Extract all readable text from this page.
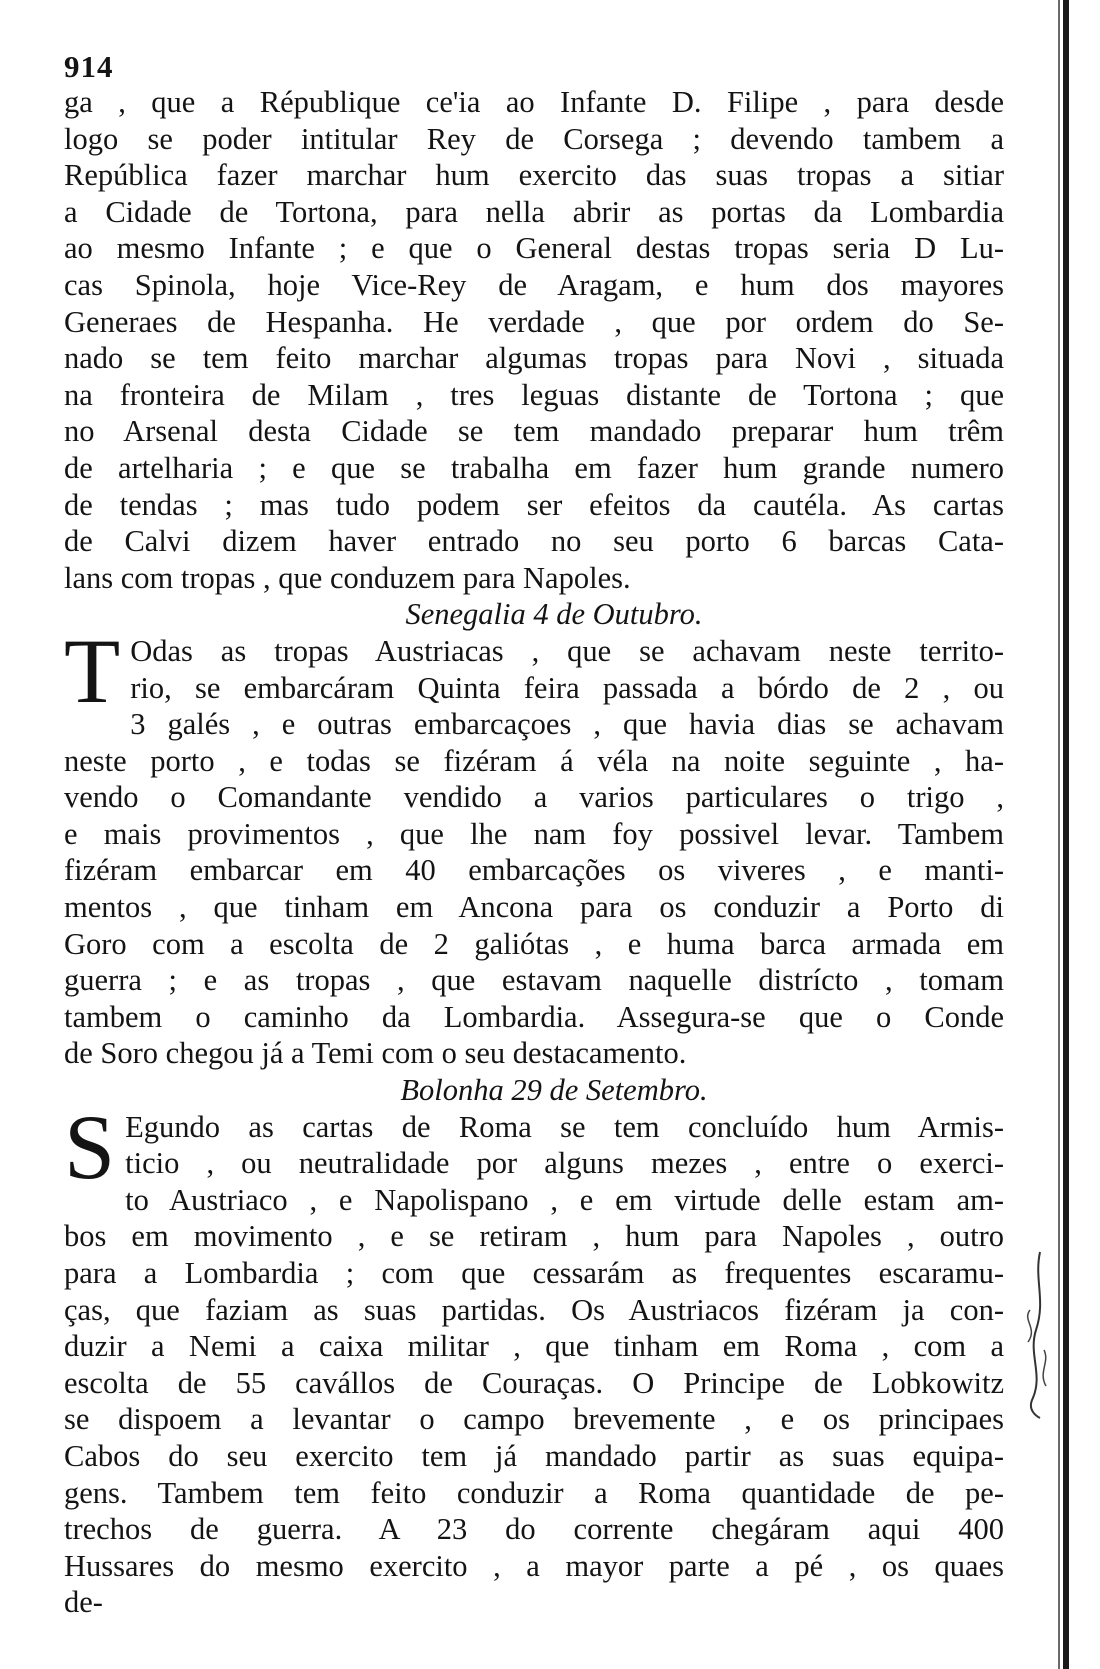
914

ga , que a République ce'ia ao Infante D. Filipe , para desde
logo se poder intitular Rey de Corsega ; devendo tambem a
República fazer marchar hum exercito das suas tropas a sitiar
a Cidade de Tortona, para nella abrir as portas da Lombardia
ao mesmo Infante ; e que o General destas tropas seria D Lu-
cas Spinola, hoje Vice-Rey de Aragam, e hum dos mayores
Generaes de Hespanha. He verdade , que por ordem do Se-
nado se tem feito marchar algumas tropas para Novi , situada
na fronteira de Milam , tres leguas distante de Tortona ; que
no Arsenal desta Cidade se tem mandado preparar hum trêm
de artelharia ; e que se trabalha em fazer hum grande numero
de tendas ; mas tudo podem ser efeitos da cautéla. As cartas
de Calvi dizem haver entrado no seu porto 6 barcas Cata-
lans com tropas , que conduzem para Napoles.

Senegalia 4 de Outubro.

T Odas as tropas Austriacas , que se achavam neste territo-
rio, se embarcáram Quinta feira passada a bórdo de 2 , ou
3 galés , e outras embarcaçoes , que havia dias se achavam
neste porto , e todas se fizéram á véla na noite seguinte , ha-
vendo o Comandante vendido a varios particulares o trigo ,
e mais provimentos , que lhe nam foy possivel levar. Tambem
fizéram embarcar em 40 embarcações os viveres , e manti-
mentos , que tinham em Ancona para os conduzir a Porto di
Goro com a escolta de 2 galiótas , e huma barca armada em
guerra ; e as tropas , que estavam naquelle distrícto , tomam
tambem o caminho da Lombardia. Assegura-se que o Conde
de Soro chegou já a Temi com o seu destacamento.

Bolonha 29 de Setembro.

S Egundo as cartas de Roma se tem concluído hum Armis-
ticio , ou neutralidade por alguns mezes , entre o exerci-
to Austriaco , e Napolispano , e em virtude delle estam am-
bos em movimento , e se retiram , hum para Napoles , outro
para a Lombardia ; com que cessarám as frequentes escaramu-
ças, que faziam as suas partidas. Os Austriacos fizéram ja con-
duzir a Nemi a caixa militar , que tinham em Roma , com a
escolta de 55 cavállos de Couraças. O Principe de Lobkowitz
se dispoem a levantar o campo brevemente , e os principaes
Cabos do seu exercito tem já mandado partir as suas equipa-
gens. Tambem tem feito conduzir a Roma quantidade de pe-
trechos de guerra. A 23 do corrente chegáram aqui 400
Hussares do mesmo exercito , a mayor parte a pé , os quaes
de-
